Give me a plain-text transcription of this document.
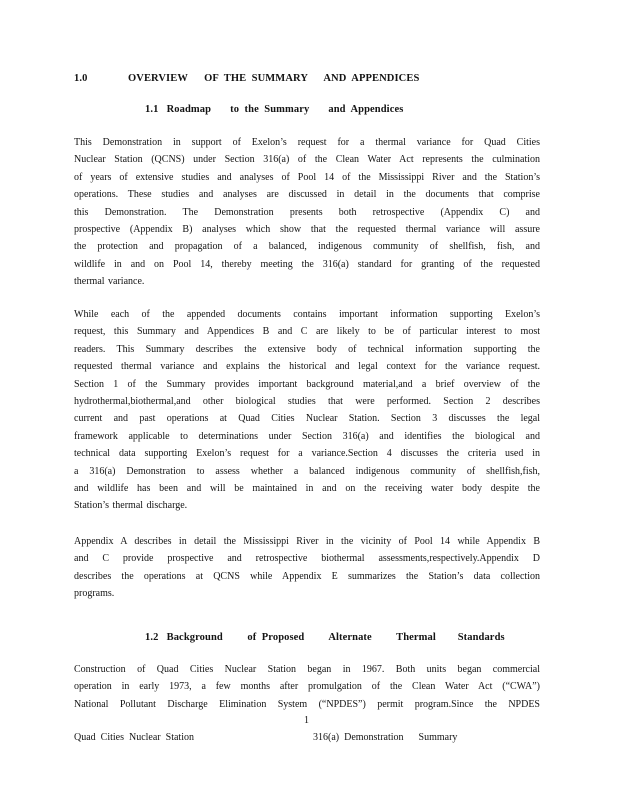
1.0	OVERVIEW      OF  THE  SUMMARY      AND  APPENDICES
1.1   Roadmap       to  the  Summary       and  Appendices
This Demonstration in support of Exelon’s request for a thermal variance for Quad Cities
Nuclear Station (QCNS) under Section 316(a) of the Clean Water Act represents the culmination
of years of extensive studies and analyses of Pool 14 of the Mississippi River and the Station’s
operations. These studies and analyses are discussed in detail in the documents that comprise
this Demonstration. The Demonstration presents both retrospective (Appendix C) and
prospective (Appendix B) analyses which show that the requested thermal variance will assure
the protection and propagation of a balanced, indigenous community of shellfish, fish, and
wildlife in and on Pool 14, thereby meeting the 316(a) standard for granting of the requested
thermal variance.
While each of the appended documents contains important information supporting Exelon’s
request, this Summary and Appendices B and C are likely to be of particular interest to most
readers. This Summary describes the extensive body of technical information supporting the
requested thermal variance and explains the historical and legal context for the variance request.
Section 1 of the Summary provides important background material,and a brief overview of the
hydrothermal,biothermal,and other biological studies that were performed. Section 2 describes
current and past operations at Quad Cities Nuclear Station. Section 3 discusses the legal
framework applicable to determinations under Section 316(a) and identifies the biological and
technical data supporting Exelon’s request for a variance.Section 4 discusses the criteria used in
a 316(a) Demonstration to assess whether a balanced indigenous community of shellfish,fish,
and wildlife has been and will be maintained in and on the receiving water body despite the
Station’s thermal discharge.
Appendix A describes in detail the Mississippi River in the vicinity of Pool 14 while Appendix B
and C provide prospective and retrospective biothermal assessments,respectively.Appendix D
describes the operations at QCNS while Appendix E summarizes the Station’s data collection
programs.
1.2   Background         of  Proposed         Alternate         Thermal        Standards
Construction of Quad Cities Nuclear Station began in 1967. Both units began commercial
operation in early 1973, a few months after promulgation of the Clean Water Act (“CWA”)
National Pollutant Discharge Elimination System (“NPDES”) permit program.Since the NPDES

1

Quad  Cities  Nuclear  Station	316(a)  Demonstration      Summary
